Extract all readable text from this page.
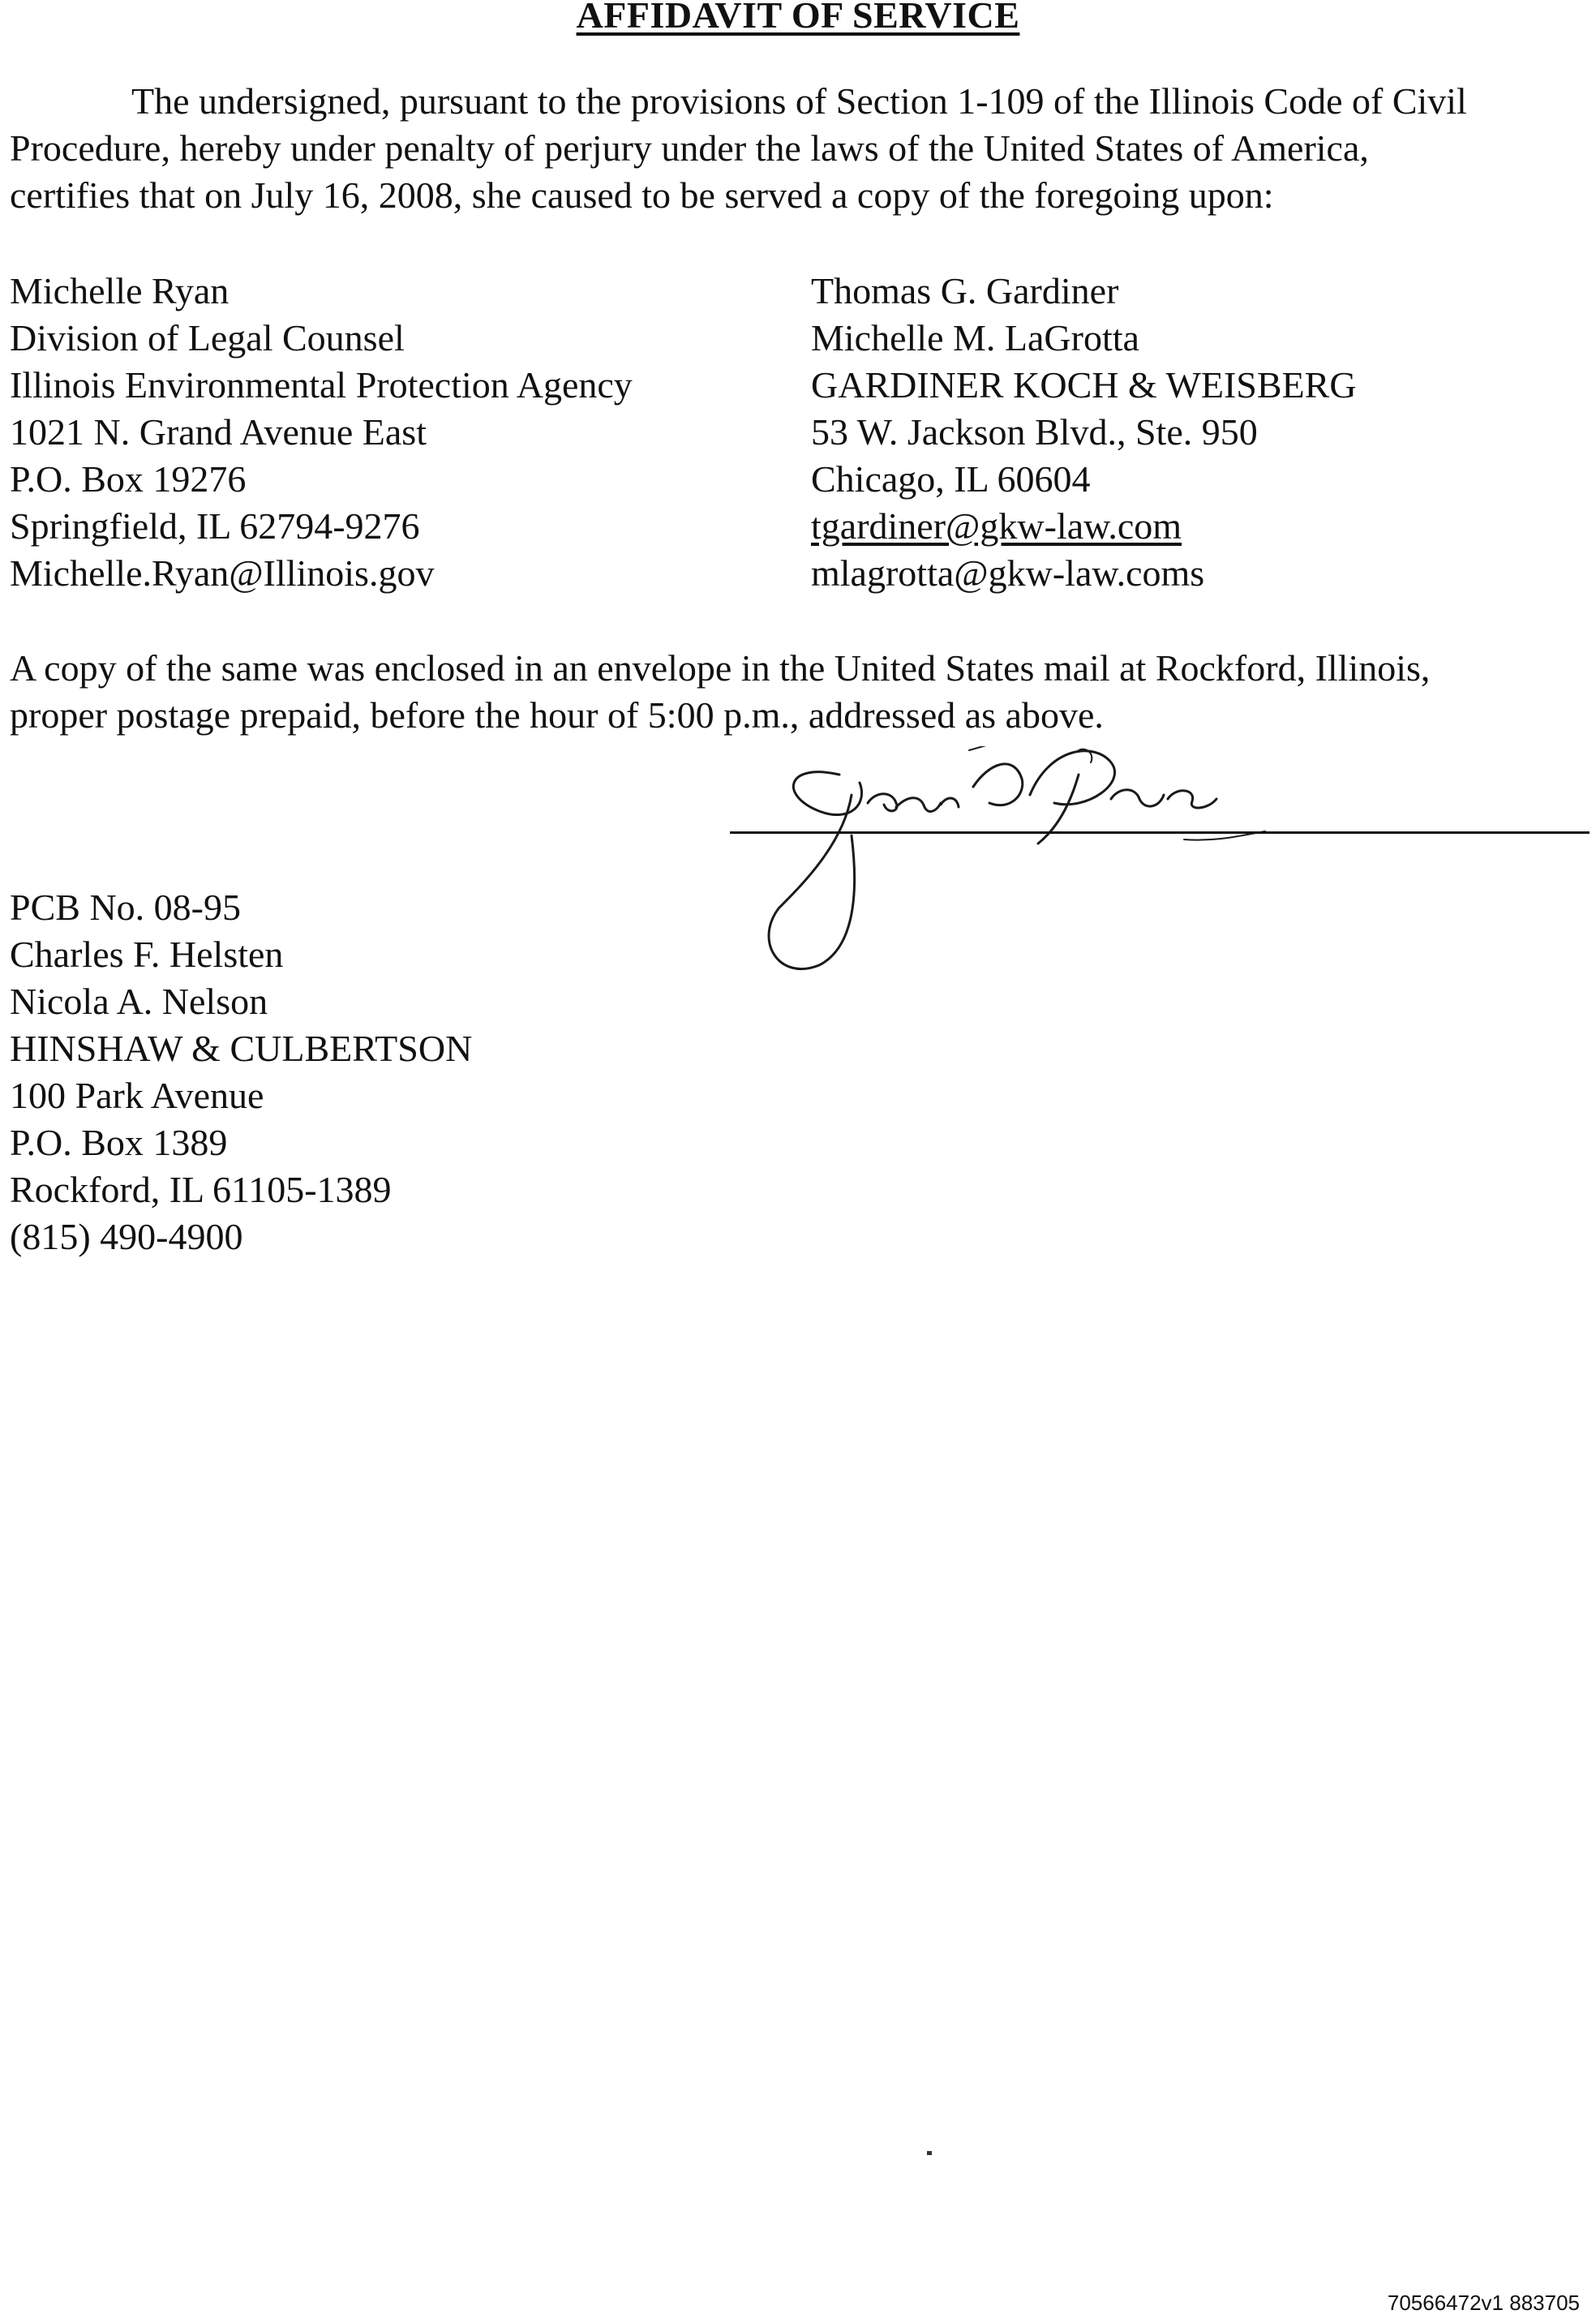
AFFIDAVIT OF SERVICE
The undersigned, pursuant to the provisions of Section 1-109 of the Illinois Code of Civil
Procedure, hereby under penalty of perjury under the laws of the United States of America,
certifies that on July 16, 2008, she caused to be served a copy of the foregoing upon:
Michelle Ryan
Division of Legal Counsel
Illinois Environmental Protection Agency
1021 N. Grand Avenue East
P.O. Box 19276
Springfield, IL 62794-9276
Michelle.Ryan@Illinois.gov
Thomas G. Gardiner
Michelle M. LaGrotta
GARDINER KOCH & WEISBERG
53 W. Jackson Blvd., Ste. 950
Chicago, IL 60604
tgardiner@gkw-law.com
mlagrotta@gkw-law.coms
A copy of the same was enclosed in an envelope in the United States mail at Rockford, Illinois,
proper postage prepaid, before the hour of 5:00 p.m., addressed as above.
PCB No. 08-95
Charles F. Helsten
Nicola A. Nelson
HINSHAW & CULBERTSON
100 Park Avenue
P.O. Box 1389
Rockford, IL 61105-1389
(815) 490-4900
70566472v1 883705
